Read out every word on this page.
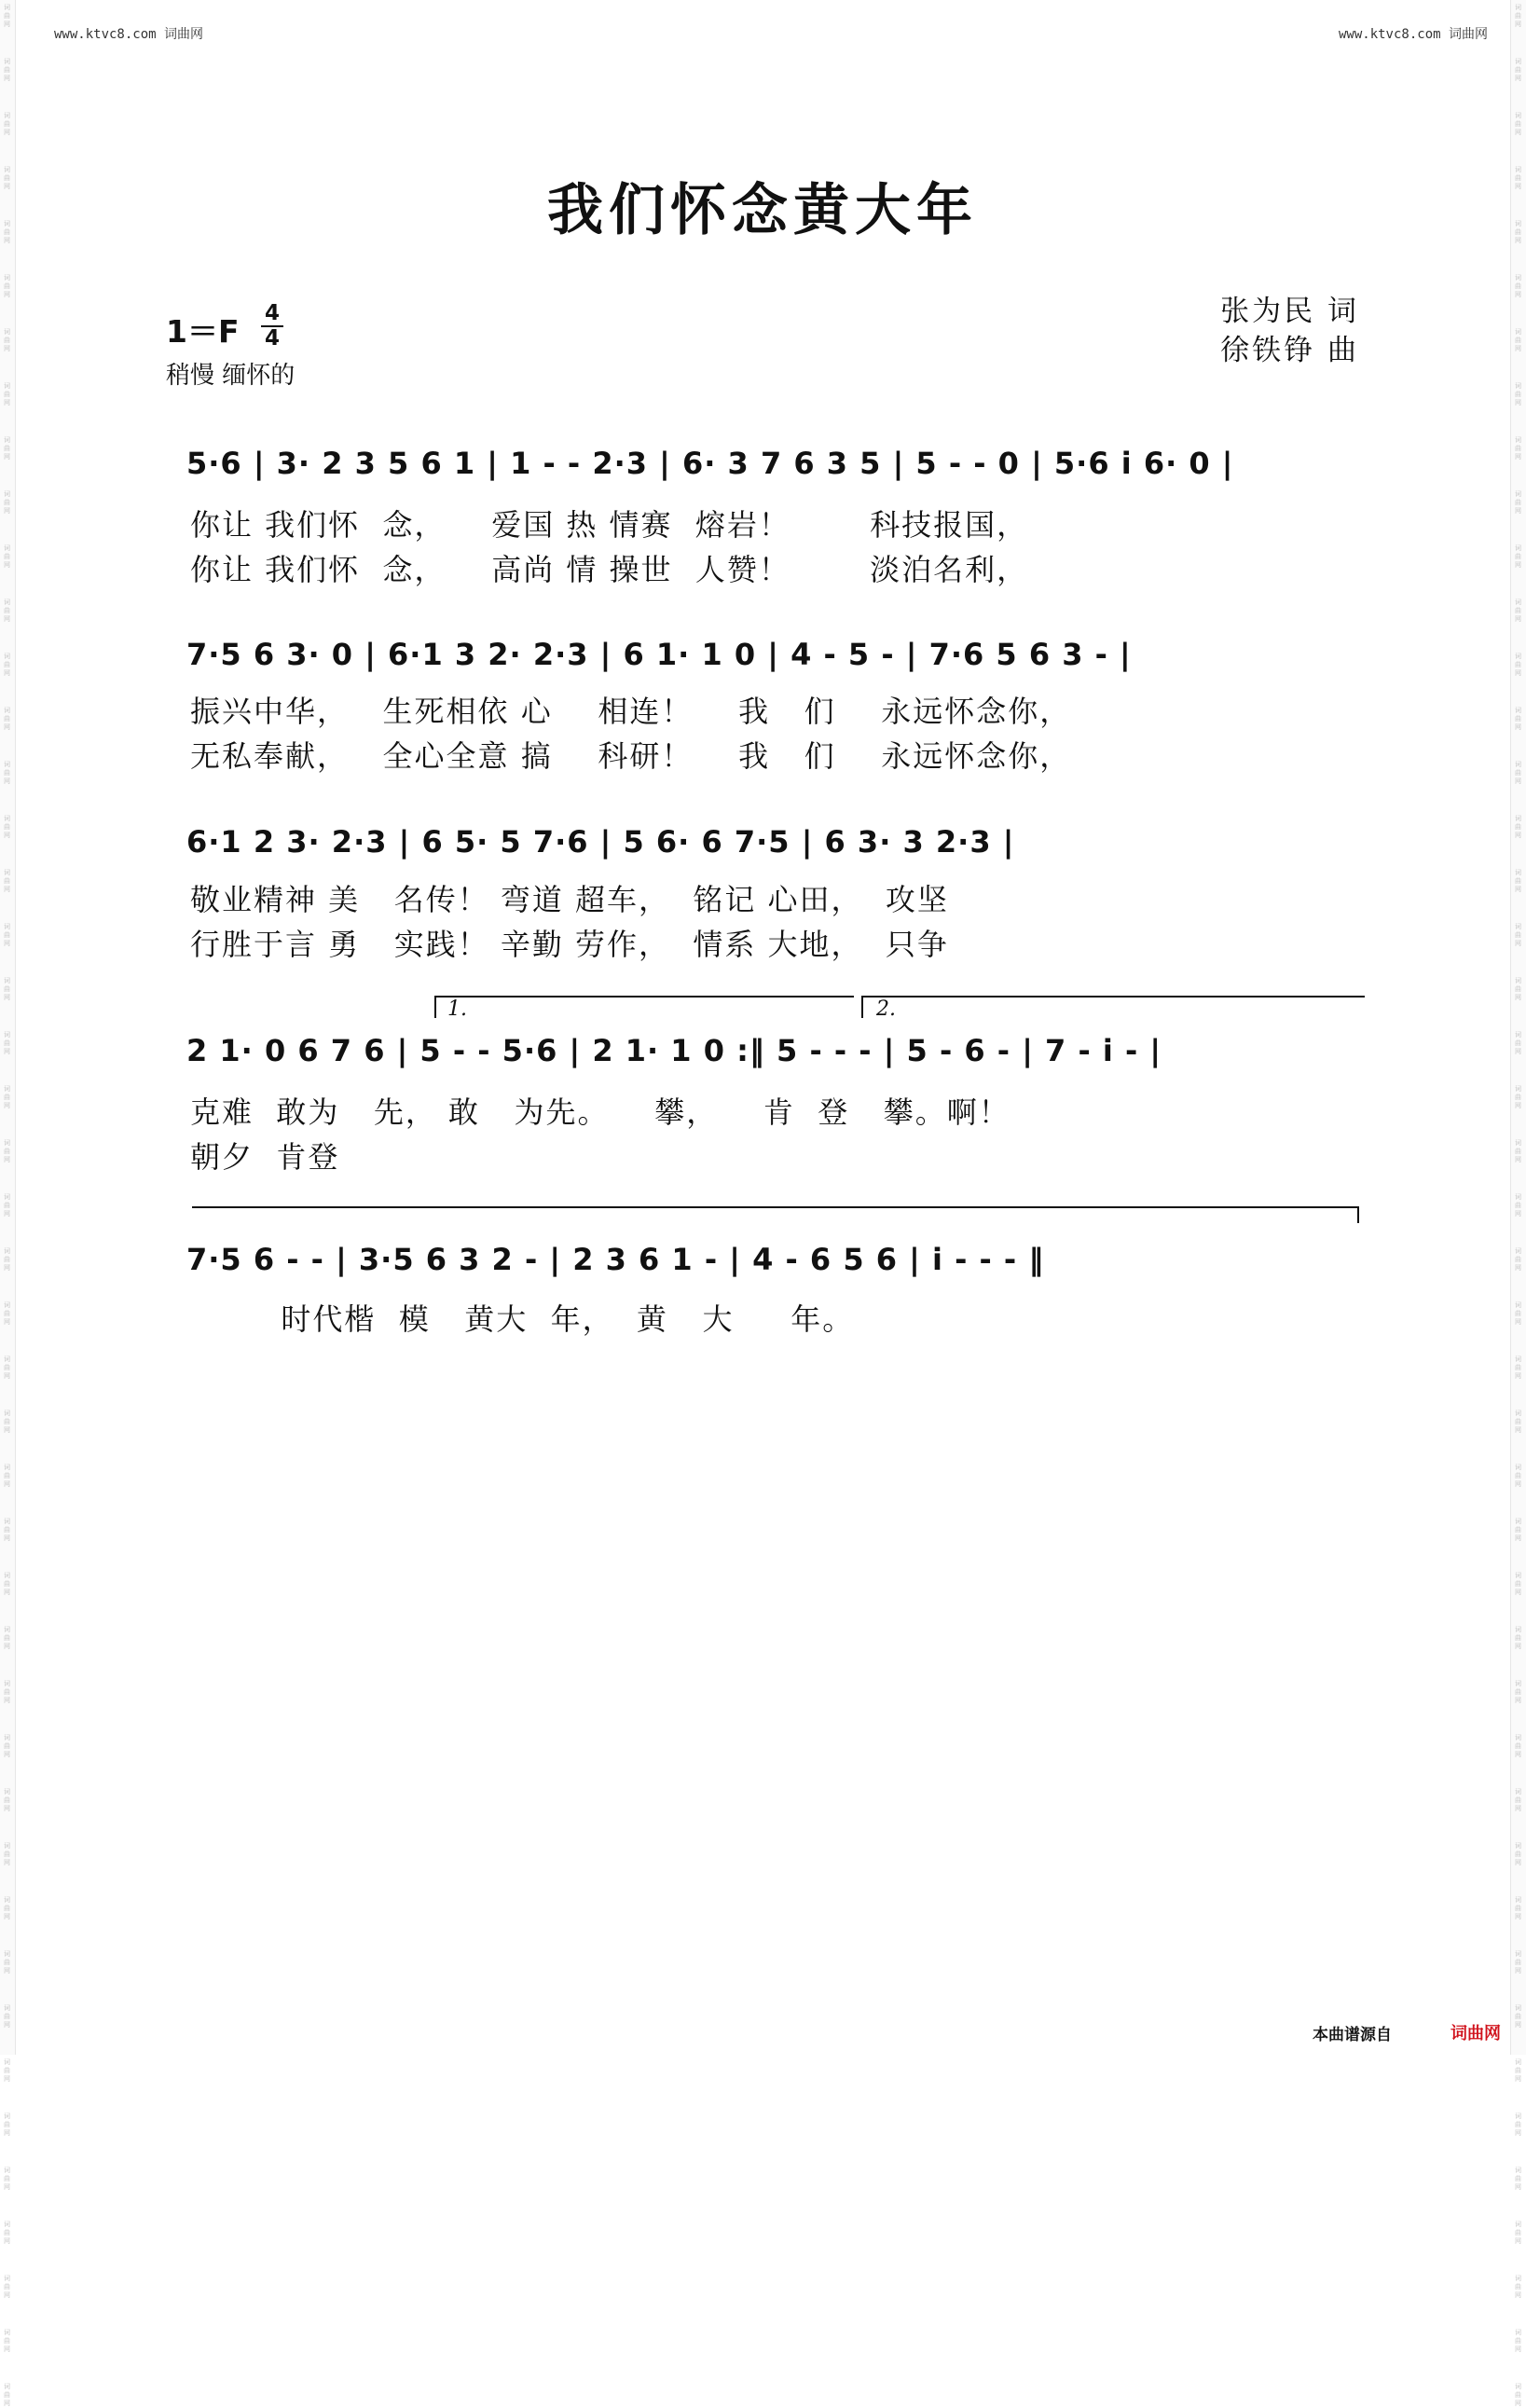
词曲网
词曲网
词曲网
词曲网
词曲网
词曲网
词曲网
词曲网
词曲网
词曲网
词曲网
词曲网
词曲网
词曲网
词曲网
词曲网
词曲网
词曲网
词曲网
词曲网
词曲网
词曲网
词曲网
词曲网
词曲网
词曲网
词曲网
词曲网
词曲网
词曲网
词曲网
词曲网
词曲网
词曲网
词曲网
词曲网
词曲网
词曲网
词曲网
词曲网
词曲网
词曲网
词曲网
词曲网
词曲网
词曲网
词曲网
词曲网
词曲网
词曲网
词曲网
词曲网
词曲网
词曲网
词曲网
词曲网
词曲网
词曲网
词曲网
词曲网
词曲网
词曲网
词曲网
词曲网
词曲网
词曲网
词曲网
词曲网
词曲网
词曲网
词曲网
词曲网
词曲网
词曲网
词曲网
词曲网
词曲网
词曲网
词曲网
词曲网
词曲网
词曲网
词曲网
词曲网
词曲网
词曲网
词曲网
词曲网
词曲网
词曲网
www.ktvc8.com 词曲网	www.ktvc8.com 词曲网
我们怀念黄大年
1＝F 4
4
稍慢 缅怀的
张为民 词
徐铁铮 曲
5·6 | 3· 2 3 5 6 1 | 1 - - 2·3 | 6· 3 7 6 3 5 | 5 - - 0 | 5·6 i 6· 0 |
你让 我们怀  念，    爱国 热 情赛  熔岩！       科技报国，
你让 我们怀  念，    高尚 情 操世  人赞！       淡泊名利，
7·5 6 3· 0 | 6·1 3 2· 2·3 | 6 1· 1 0 | 4 - 5 - | 7·6 5 6 3 - |
振兴中华，   生死相依 心    相连！    我   们    永远怀念你，
无私奉献，   全心全意 搞    科研！    我   们    永远怀念你，
6·1 2 3· 2·3 | 6 5· 5 7·6 | 5 6· 6 7·5 | 6 3· 3 2·3 |
敬业精神 美   名传！ 弯道 超车，  铭记 心田，  攻坚
行胜于言 勇   实践！ 辛勤 劳作，  情系 大地，  只争
1.	2.
2 1· 0 6 7 6 | 5 - - 5·6 | 2 1· 1 0 :‖ 5 - - - | 5 - 6 - | 7 - i - |
克难  敢为   先， 敢   为先。    攀，    肯  登   攀。啊！
朝夕  肯登
7·5 6 - - | 3·5 6 3 2 - | 2 3 6 1 - | 4 - 6 5 6 | i - - - ‖
时代楷  模   黄大  年，  黄   大     年。
本曲谱源自	词曲网
